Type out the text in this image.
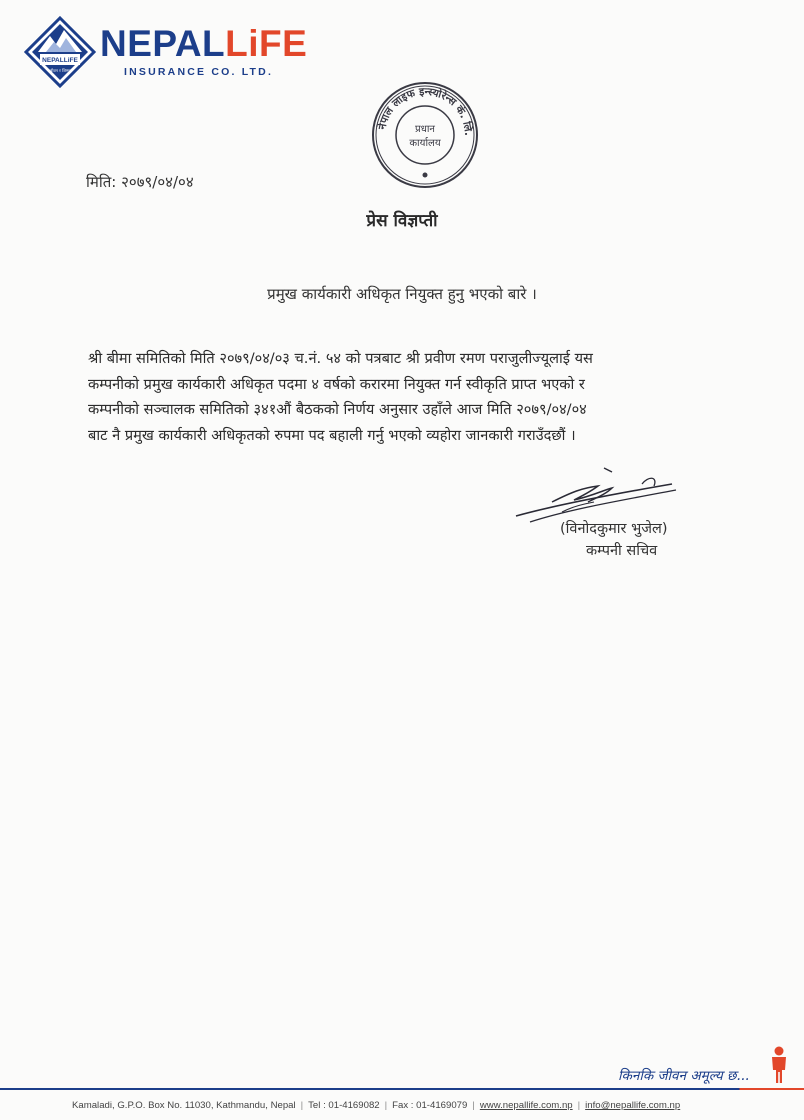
NEPALLiFE
जीवन र जिम्मा
NEPALLiFE
INSURANCE CO. LTD.
नेपाल लाइफ इन्स्योरेन्स कं. लि.
प्रधान
कार्यालय
मिति: २०७९/०४/०४
प्रेस विज्ञप्ती
प्रमुख कार्यकारी अधिकृत नियुक्त हुनु भएको बारे ।
श्री बीमा समितिको मिति २०७९/०४/०३ च.नं. ५४ को पत्रबाट श्री प्रवीण रमण पराजुलीज्यूलाई यस
कम्पनीको प्रमुख कार्यकारी अधिकृत पदमा ४ वर्षको करारमा नियुक्त गर्न स्वीकृति प्राप्त भएको र
कम्पनीको सञ्चालक समितिको ३४१औं बैठकको निर्णय अनुसार उहाँले आज मिति २०७९/०४/०४
बाट नै प्रमुख कार्यकारी अधिकृतको रुपमा पद बहाली गर्नु भएको व्यहोरा जानकारी गराउँदछौं ।
(विनोदकुमार भुजेल)
कम्पनी सचिव
किनकि जीवन अमूल्य छ...
Kamaladi, G.P.O. Box No. 11030, Kathmandu, Nepal | Tel : 01-4169082 | Fax : 01-4169079 | www.nepallife.com.np | info@nepallife.com.np
